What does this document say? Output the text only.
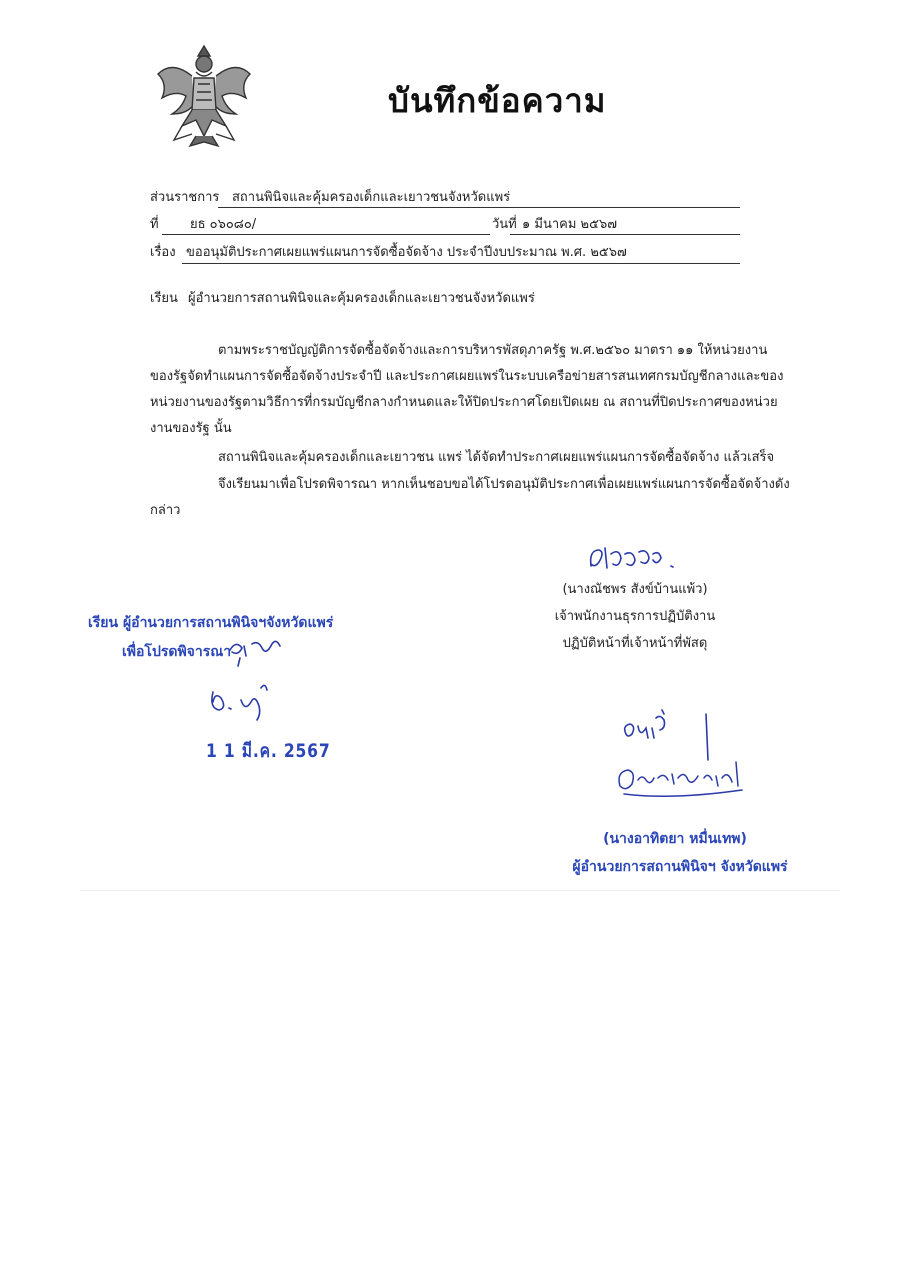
บันทึกข้อความ
ส่วนราชการ สถานพินิจและคุ้มครองเด็กและเยาวชนจังหวัดแพร่
ที่ ยธ ๐๖๐๘๐/	วันที่ ๑ มีนาคม ๒๕๖๗
เรื่อง ขออนุมัติประกาศเผยแพร่แผนการจัดซื้อจัดจ้าง ประจำปีงบประมาณ พ.ศ. ๒๕๖๗
เรียน ผู้อำนวยการสถานพินิจและคุ้มครองเด็กและเยาวชนจังหวัดแพร่
ตามพระราชบัญญัติการจัดซื้อจัดจ้างและการบริหารพัสดุภาครัฐ พ.ศ.๒๕๖๐ มาตรา ๑๑ ให้หน่วยงาน
ของรัฐจัดทำแผนการจัดซื้อจัดจ้างประจำปี และประกาศเผยแพร่ในระบบเครือข่ายสารสนเทศกรมบัญชีกลางและของ
หน่วยงานของรัฐตามวิธีการที่กรมบัญชีกลางกำหนดและให้ปิดประกาศโดยเปิดเผย ณ สถานที่ปิดประกาศของหน่วย
งานของรัฐ นั้น
สถานพินิจและคุ้มครองเด็กและเยาวชน แพร่ ได้จัดทำประกาศเผยแพร่แผนการจัดซื้อจัดจ้าง แล้วเสร็จ
จึงเรียนมาเพื่อโปรดพิจารณา หากเห็นชอบขอได้โปรดอนุมัติประกาศเพื่อเผยแพร่แผนการจัดซื้อจัดจ้างดัง
กล่าว
(นางณัชพร สังข์บ้านแพ้ว)
เจ้าพนักงานธุรการปฏิบัติงาน
ปฏิบัติหน้าที่เจ้าหน้าที่พัสดุ
เรียน ผู้อำนวยการสถานพินิจฯจังหวัดแพร่
เพื่อโปรดพิจารณา
1 1 มี.ค. 2567
(นางอาทิตยา หมื่นเทพ)
ผู้อำนวยการสถานพินิจฯ จังหวัดแพร่
